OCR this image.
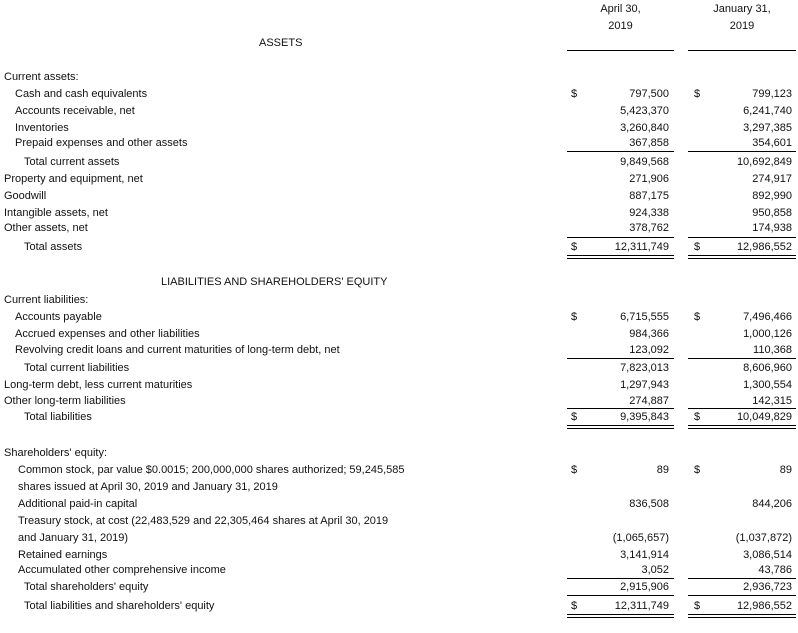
April 30,
2019
January 31,
2019
ASSETS
LIABILITIES AND SHAREHOLDERS' EQUITY
Current assets:
Cash and cash equivalents	$	797,500 $	799,123
Accounts receivable, net	5,423,370	6,241,740
Inventories	3,260,840	3,297,385
Prepaid expenses and other assets	367,858	354,601
Total current assets	9,849,568	10,692,849
Property and equipment, net	271,906	274,917
Goodwill	887,175	892,990
Intangible assets, net	924,338	950,858
Other assets, net	378,762	174,938
Total assets	$	12,311,749 $	12,986,552
Current liabilities:
Accounts payable	$	6,715,555 $	7,496,466
Accrued expenses and other liabilities	984,366	1,000,126
Revolving credit loans and current maturities of long-term debt, net	123,092	110,368
Total current liabilities	7,823,013	8,606,960
Long-term debt, less current maturities	1,297,943	1,300,554
Other long-term liabilities	274,887	142,315
Total liabilities	$	9,395,843 $	10,049,829
Shareholders' equity:
Common stock, par value $0.0015; 200,000,000 shares authorized; 59,245,585	$	89 $	89
shares issued at April 30, 2019 and January 31, 2019
Additional paid-in capital	836,508	844,206
Treasury stock, at cost (22,483,529 and 22,305,464 shares at April 30, 2019
and January 31, 2019)	(1,065,657)	(1,037,872)
Retained earnings	3,141,914	3,086,514
Accumulated other comprehensive income	3,052	43,786
Total shareholders' equity	2,915,906	2,936,723
Total liabilities and shareholders' equity	$	12,311,749 $	12,986,552
